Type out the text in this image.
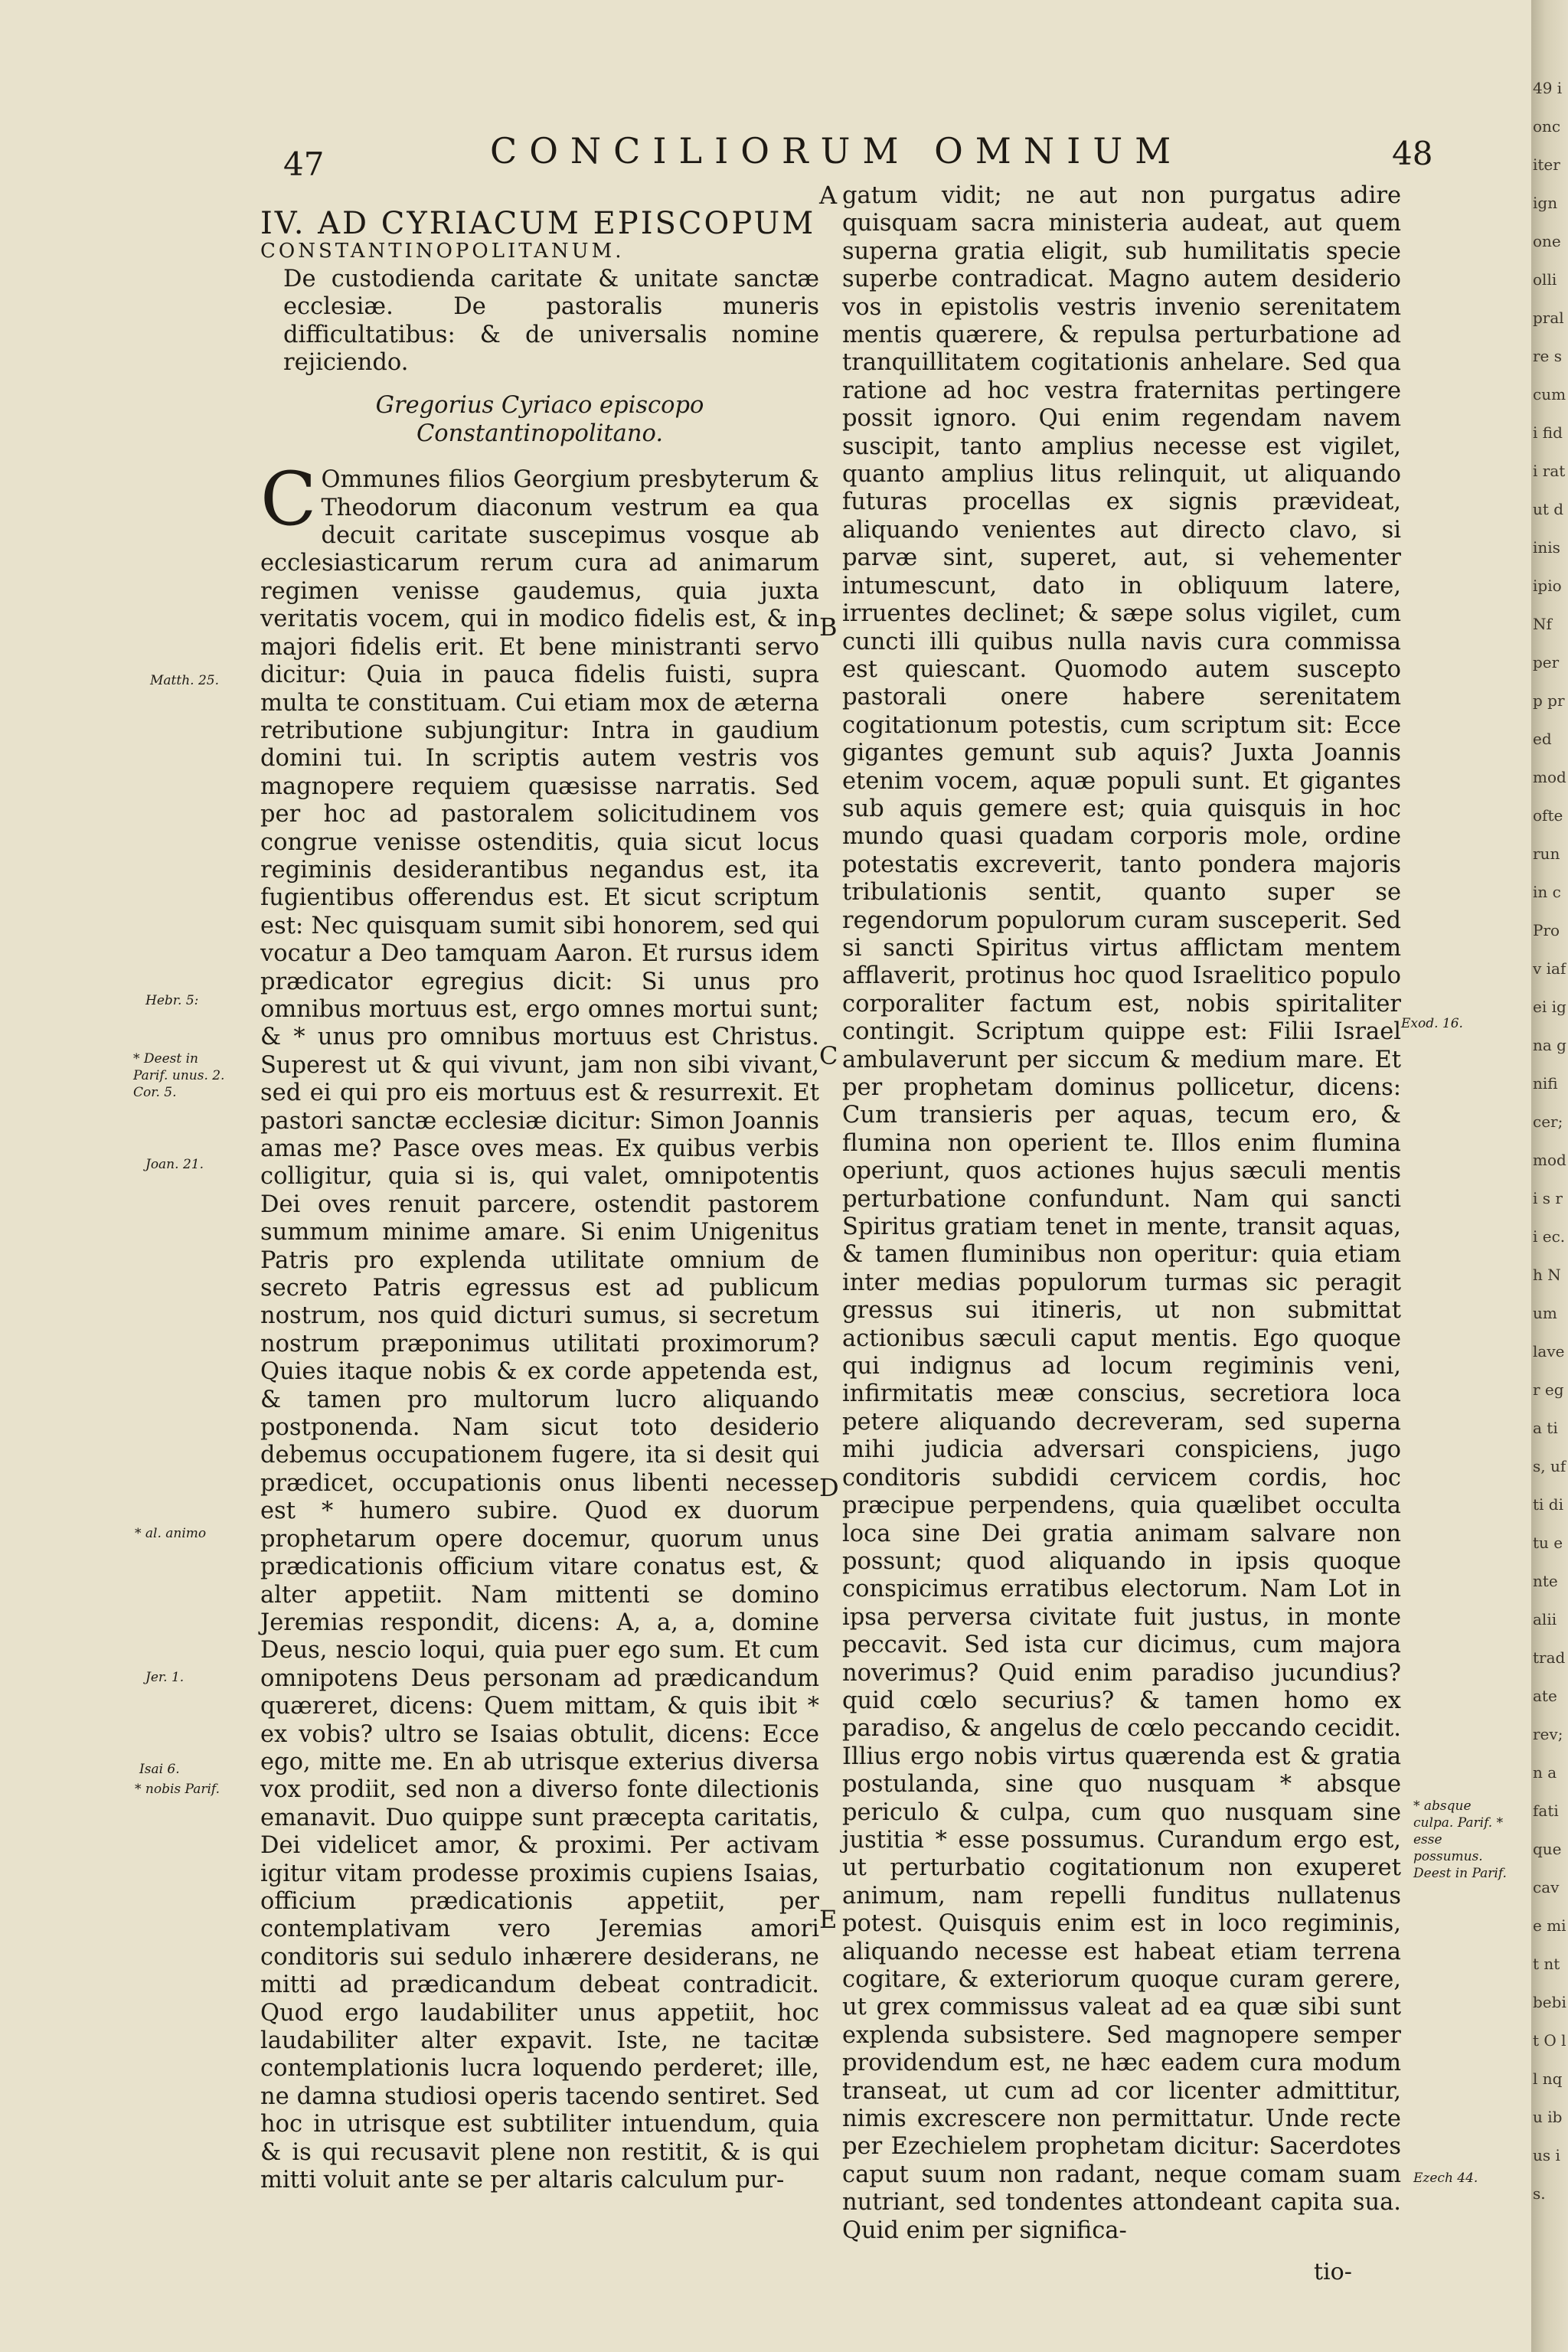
47	CONCILIORUM OMNIUM	48

IV. AD CYRIACUM EPISCOPUM

CONSTANTINOPOLITANUM.

De custodienda caritate & unitate sanctæ ecclesiæ. De pastoralis muneris difficultatibus: & de universalis nomine rejiciendo.

Gregorius Cyriaco episcopo Constantinopolitano.

C Ommunes filios Georgium presbyterum & Theodorum diaconum vestrum ea qua decuit caritate suscepimus vosque ab ecclesiasticarum rerum cura ad animarum regimen venisse gaudemus, quia juxta veritatis vocem, qui in modico fidelis est, & in majori fidelis erit. Et bene ministranti servo dicitur: Quia in pauca fidelis fuisti, supra multa te constituam. Cui etiam mox de æterna retributione subjungitur: Intra in gaudium domini tui. In scriptis autem vestris vos magnopere requiem quæsisse narratis. Sed per hoc ad pastoralem solicitudinem vos congrue venisse ostenditis, quia sicut locus regiminis desiderantibus negandus est, ita fugientibus offerendus est. Et sicut scriptum est: Nec quisquam sumit sibi honorem, sed qui vocatur a Deo tamquam Aaron. Et rursus idem prædicator egregius dicit: Si unus pro omnibus mortuus est, ergo omnes mortui sunt; & * unus pro omnibus mortuus est Christus. Superest ut & qui vivunt, jam non sibi vivant, sed ei qui pro eis mortuus est & resurrexit. Et pastori sanctæ ecclesiæ dicitur: Simon Joannis amas me? Pasce oves meas. Ex quibus verbis colligitur, quia si is, qui valet, omnipotentis Dei oves renuit parcere, ostendit pastorem summum minime amare. Si enim Unigenitus Patris pro explenda utilitate omnium de secreto Patris egressus est ad publicum nostrum, nos quid dicturi sumus, si secretum nostrum præponimus utilitati proximorum? Quies itaque nobis & ex corde appetenda est, & tamen pro multorum lucro aliquando postponenda. Nam sicut toto desiderio debemus occupationem fugere, ita si desit qui prædicet, occupationis onus libenti necesse est * humero subire. Quod ex duorum prophetarum opere docemur, quorum unus prædicationis officium vitare conatus est, & alter appetiit. Nam mittenti se domino Jeremias respondit, dicens: A, a, a, domine Deus, nescio loqui, quia puer ego sum. Et cum omnipotens Deus personam ad prædicandum quæreret, dicens: Quem mittam, & quis ibit * ex vobis? ultro se Isaias obtulit, dicens: Ecce ego, mitte me. En ab utrisque exterius diversa vox prodiit, sed non a diverso fonte dilectionis emanavit. Duo quippe sunt præcepta caritatis, Dei videlicet amor, & proximi. Per activam igitur vitam prodesse proximis cupiens Isaias, officium prædicationis appetiit, per contemplativam vero Jeremias amori conditoris sui sedulo inhærere desiderans, ne mitti ad prædicandum debeat contradicit. Quod ergo laudabiliter unus appetiit, hoc laudabiliter alter expavit. Iste, ne tacitæ contemplationis lucra loquendo perderet; ille, ne damna studiosi operis tacendo sentiret. Sed hoc in utrisque est subtiliter intuendum, quia & is qui recusavit plene non restitit, & is qui mitti voluit ante se per altaris calculum pur-

gatum vidit; ne aut non purgatus adire quisquam sacra ministeria audeat, aut quem superna gratia eligit, sub humilitatis specie superbe contradicat. Magno autem desiderio vos in epistolis vestris invenio serenitatem mentis quærere, & repulsa perturbatione ad tranquillitatem cogitationis anhelare. Sed qua ratione ad hoc vestra fraternitas pertingere possit ignoro. Qui enim regendam navem suscipit, tanto amplius necesse est vigilet, quanto amplius litus relinquit, ut aliquando futuras procellas ex signis prævideat, aliquando venientes aut directo clavo, si parvæ sint, superet, aut, si vehementer intumescunt, dato in obliquum latere, irruentes declinet; & sæpe solus vigilet, cum cuncti illi quibus nulla navis cura commissa est quiescant. Quomodo autem suscepto pastorali onere habere serenitatem cogitationum potestis, cum scriptum sit: Ecce gigantes gemunt sub aquis? Juxta Joannis etenim vocem, aquæ populi sunt. Et gigantes sub aquis gemere est; quia quisquis in hoc mundo quasi quadam corporis mole, ordine potestatis excreverit, tanto pondera majoris tribulationis sentit, quanto super se regendorum populorum curam susceperit. Sed si sancti Spiritus virtus afflictam mentem afflaverit, protinus hoc quod Israelitico populo corporaliter factum est, nobis spiritaliter contingit. Scriptum quippe est: Filii Israel ambulaverunt per siccum & medium mare. Et per prophetam dominus pollicetur, dicens: Cum transieris per aquas, tecum ero, & flumina non operient te. Illos enim flumina operiunt, quos actiones hujus sæculi mentis perturbatione confundunt. Nam qui sancti Spiritus gratiam tenet in mente, transit aquas, & tamen fluminibus non operitur: quia etiam inter medias populorum turmas sic peragit gressus sui itineris, ut non submittat actionibus sæculi caput mentis. Ego quoque qui indignus ad locum regiminis veni, infirmitatis meæ conscius, secretiora loca petere aliquando decreveram, sed superna mihi judicia adversari conspiciens, jugo conditoris subdidi cervicem cordis, hoc præcipue perpendens, quia quælibet occulta loca sine Dei gratia animam salvare non possunt; quod aliquando in ipsis quoque conspicimus erratibus electorum. Nam Lot in ipsa perversa civitate fuit justus, in monte peccavit. Sed ista cur dicimus, cum majora noverimus? Quid enim paradiso jucundius? quid cœlo securius? & tamen homo ex paradiso, & angelus de cœlo peccando cecidit. Illius ergo nobis virtus quærenda est & gratia postulanda, sine quo nusquam * absque periculo & culpa, cum quo nusquam sine justitia * esse possumus. Curandum ergo est, ut perturbatio cogitationum non exuperet animum, nam repelli funditus nullatenus potest. Quisquis enim est in loco regiminis, aliquando necesse est habeat etiam terrena cogitare, & exteriorum quoque curam gerere, ut grex commissus valeat ad ea quæ sibi sunt explenda subsistere. Sed magnopere semper providendum est, ne hæc eadem cura modum transeat, ut cum ad cor licenter admittitur, nimis excrescere non permittatur. Unde recte per Ezechielem prophetam dicitur: Sacerdotes caput suum non radant, neque comam suam nutriant, sed tondentes attondeant capita sua. Quid enim per significa-

tio-
A
B
C
D
E
Matth. 25.
Hebr. 5:
* Deest in Parif. unus. 2. Cor. 5.
Joan. 21.
* al. animo
Jer. 1.
Isai 6.
* nobis Parif.
Exod. 16.
* absque culpa. Parif. * esse possumus. Deest in Parif.
Ezech 44.
49 ionc iter ign one olli pral re s cumi fidi rat ut d inis ipio Nf perp pred mod ofte run in c Prov iafei igna gnifi cer; modi s ri ec. h Num laver ega tis, ufti ditu ente alii trad ate rev; n a fati que cave mit nt bebit O ll nqu ibus is.
